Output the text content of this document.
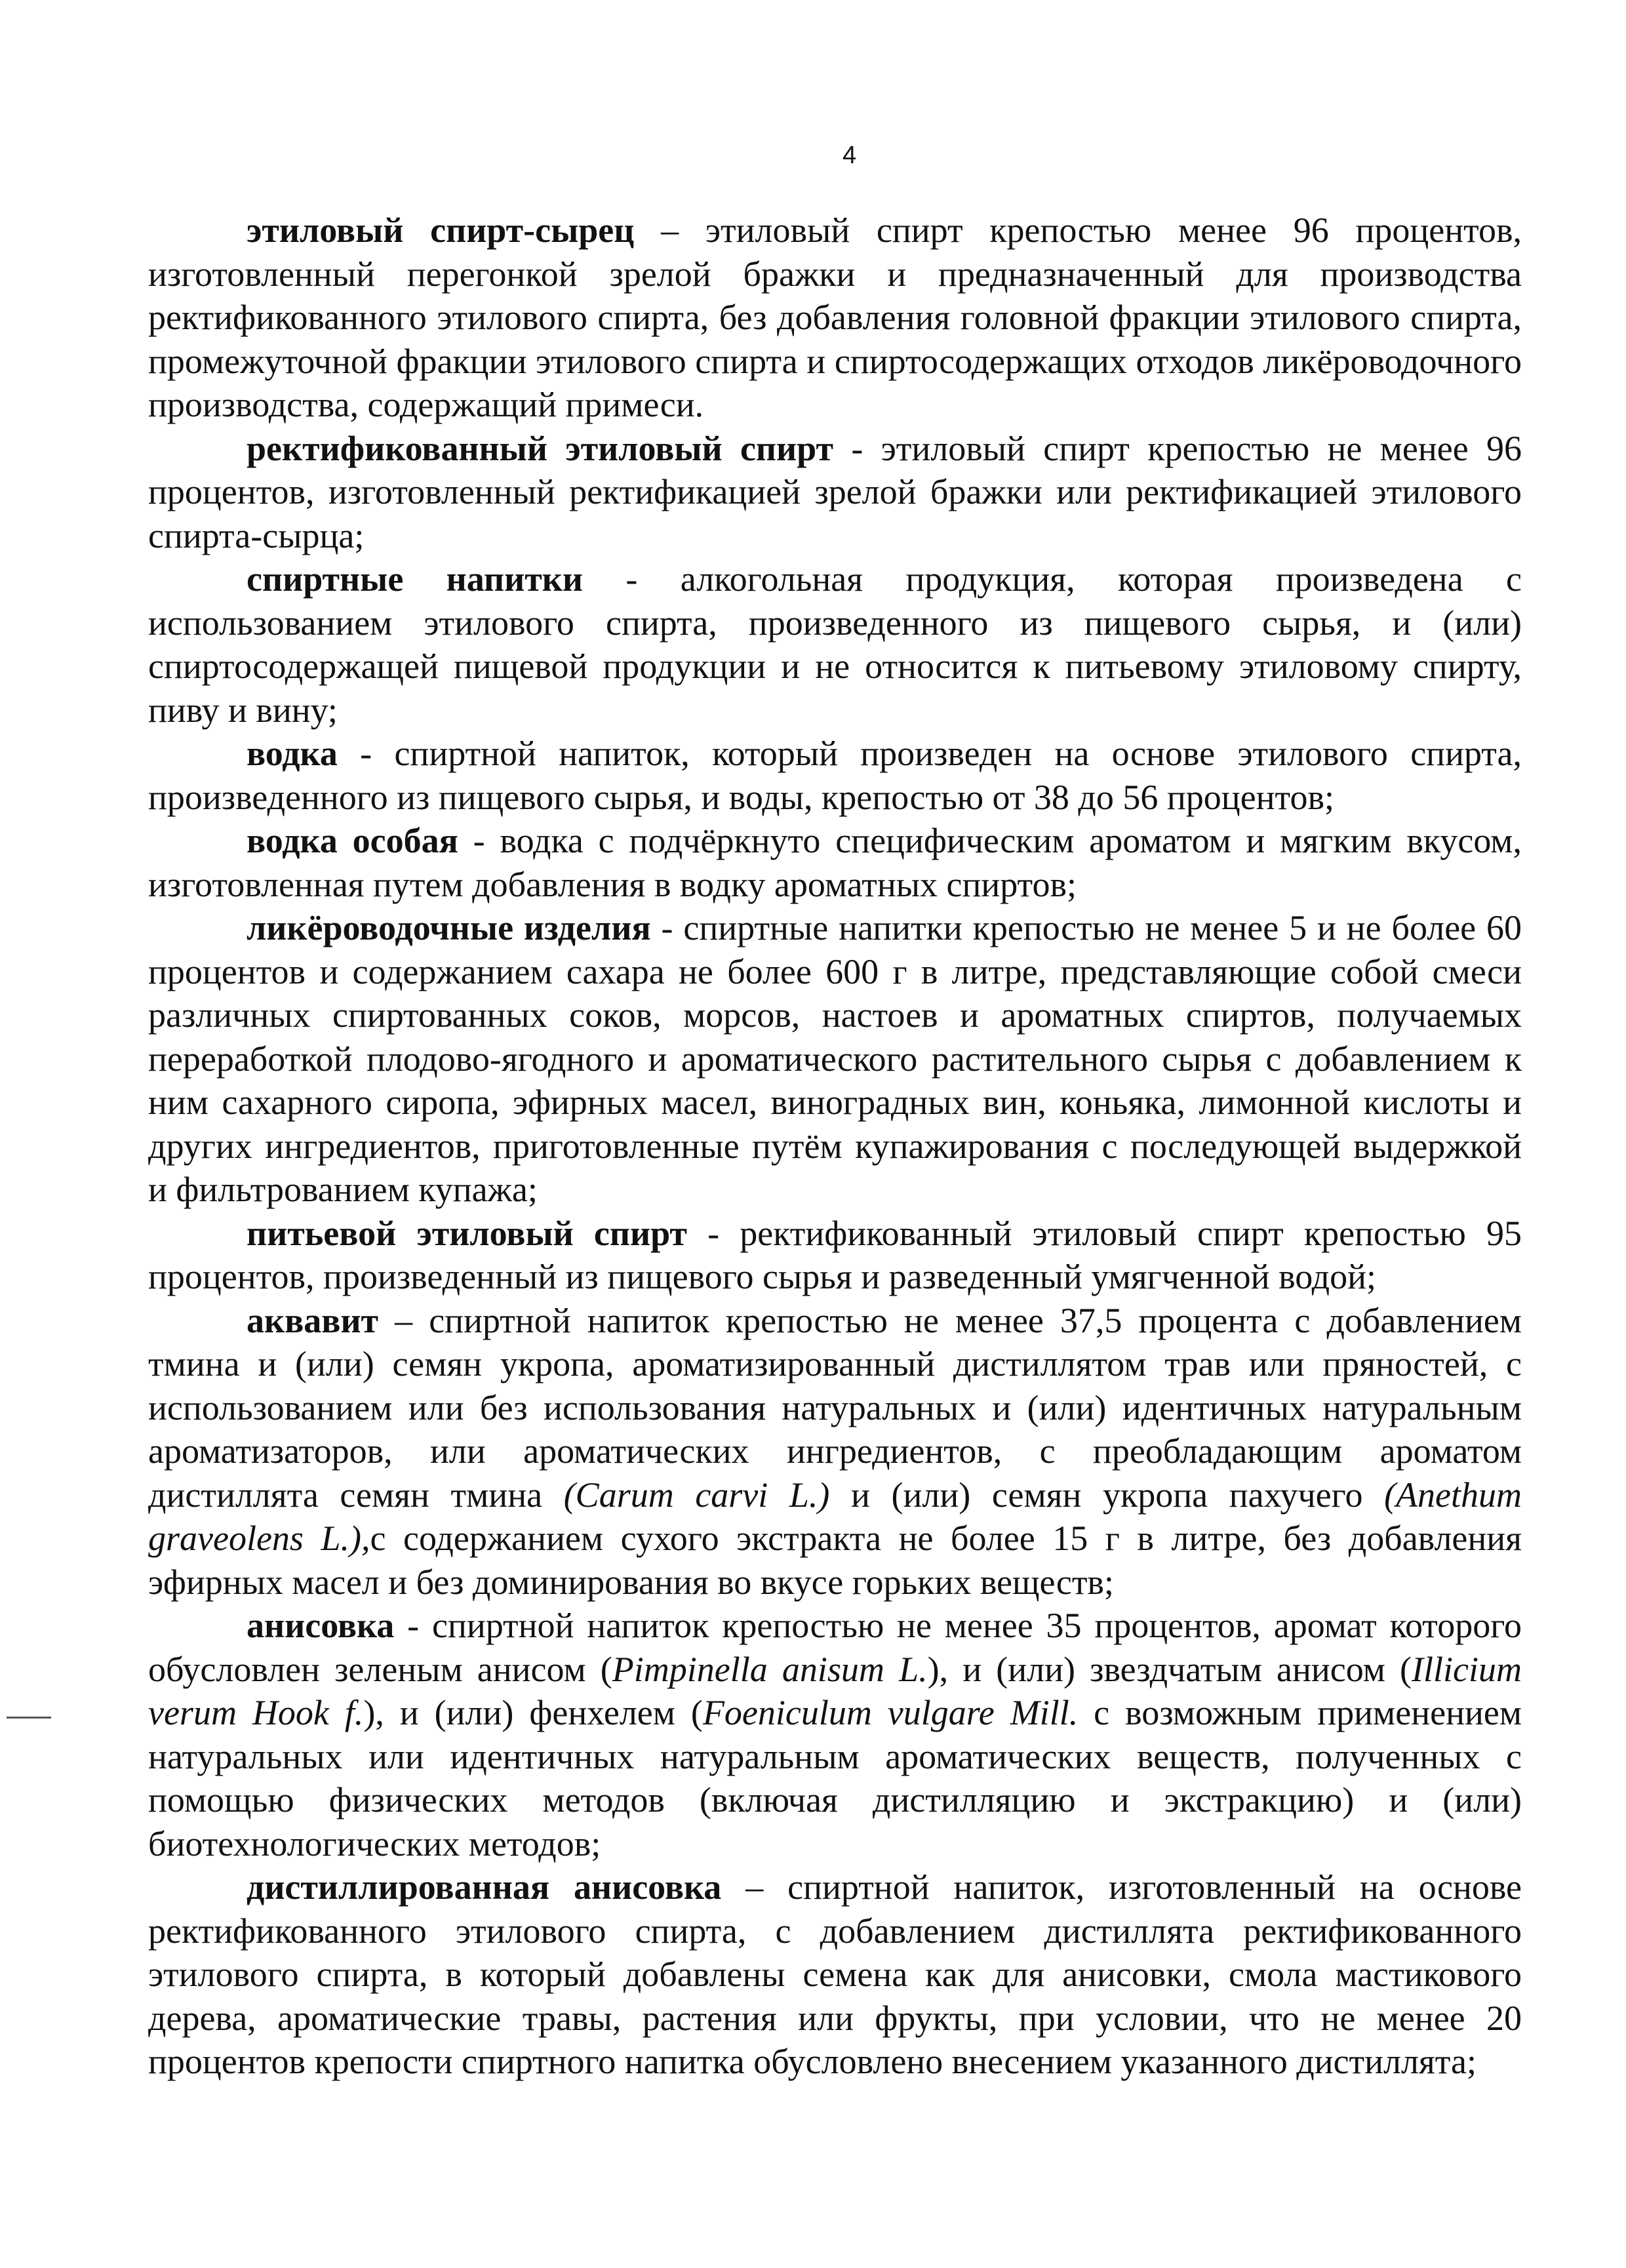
4

этиловый спирт-сырец – этиловый спирт крепостью менее 96 процентов, изготовленный перегонкой зрелой бражки и предназначенный для производства ректификованного этилового спирта, без добавления головной фракции этилового спирта, промежуточной фракции этилового спирта и спиртосодержащих отходов ликёроводочного производства, содержащий примеси.

ректификованный этиловый спирт - этиловый спирт крепостью не менее 96 процентов, изготовленный ректификацией зрелой бражки или ректификацией этилового спирта-сырца;

спиртные напитки - алкогольная продукция, которая произведена с использованием этилового спирта, произведенного из пищевого сырья, и (или) спиртосодержащей пищевой продукции и не относится к питьевому этиловому спирту, пиву и вину;

водка - спиртной напиток, который произведен на основе этилового спирта, произведенного из пищевого сырья, и воды, крепостью от 38 до 56 процентов;

водка особая - водка с подчёркнуто специфическим ароматом и мягким вкусом, изготовленная путем добавления в водку ароматных спиртов;

ликёроводочные изделия - спиртные напитки крепостью не менее 5 и не более 60 процентов и содержанием сахара не более 600 г в литре, представляющие собой смеси различных спиртованных соков, морсов, настоев и ароматных спиртов, получаемых переработкой плодово-ягодного и ароматического растительного сырья с добавлением к ним сахарного сиропа, эфирных масел, виноградных вин, коньяка, лимонной кислоты и других ингредиентов, приготовленные путём купажирования с последующей выдержкой и фильтрованием купажа;

питьевой этиловый спирт - ректификованный этиловый спирт крепостью 95 процентов, произведенный из пищевого сырья и разведенный умягченной водой;

аквавит – спиртной напиток крепостью не менее 37,5 процента с добавлением тмина и (или) семян укропа, ароматизированный дистиллятом трав или пряностей, с использованием или без использования натуральных и (или) идентичных натуральным ароматизаторов, или ароматических ингредиентов, с преобладающим ароматом дистиллята семян тмина (Carum carvi L.) и (или) семян укропа пахучего (Anethum graveolens L.),с содержанием сухого экстракта не более 15 г в литре, без добавления эфирных масел и без доминирования во вкусе горьких веществ;

анисовка - спиртной напиток крепостью не менее 35 процентов, аромат которого обусловлен зеленым анисом (Pimpinella anisum L.), и (или) звездчатым анисом (Illicium verum Hook f.), и (или) фенхелем (Foeniculum vulgare Mill. с возможным применением натуральных или идентичных натуральным ароматических веществ, полученных с помощью физических методов (включая дистилляцию и экстракцию) и (или) биотехнологических методов;

дистиллированная анисовка – спиртной напиток, изготовленный на основе ректификованного этилового спирта, с добавлением дистиллята ректификованного этилового спирта, в который добавлены семена как для анисовки, смола мастикового дерева, ароматические травы, растения или фрукты, при условии, что не менее 20 процентов крепости спиртного напитка обусловлено внесением указанного дистиллята;
